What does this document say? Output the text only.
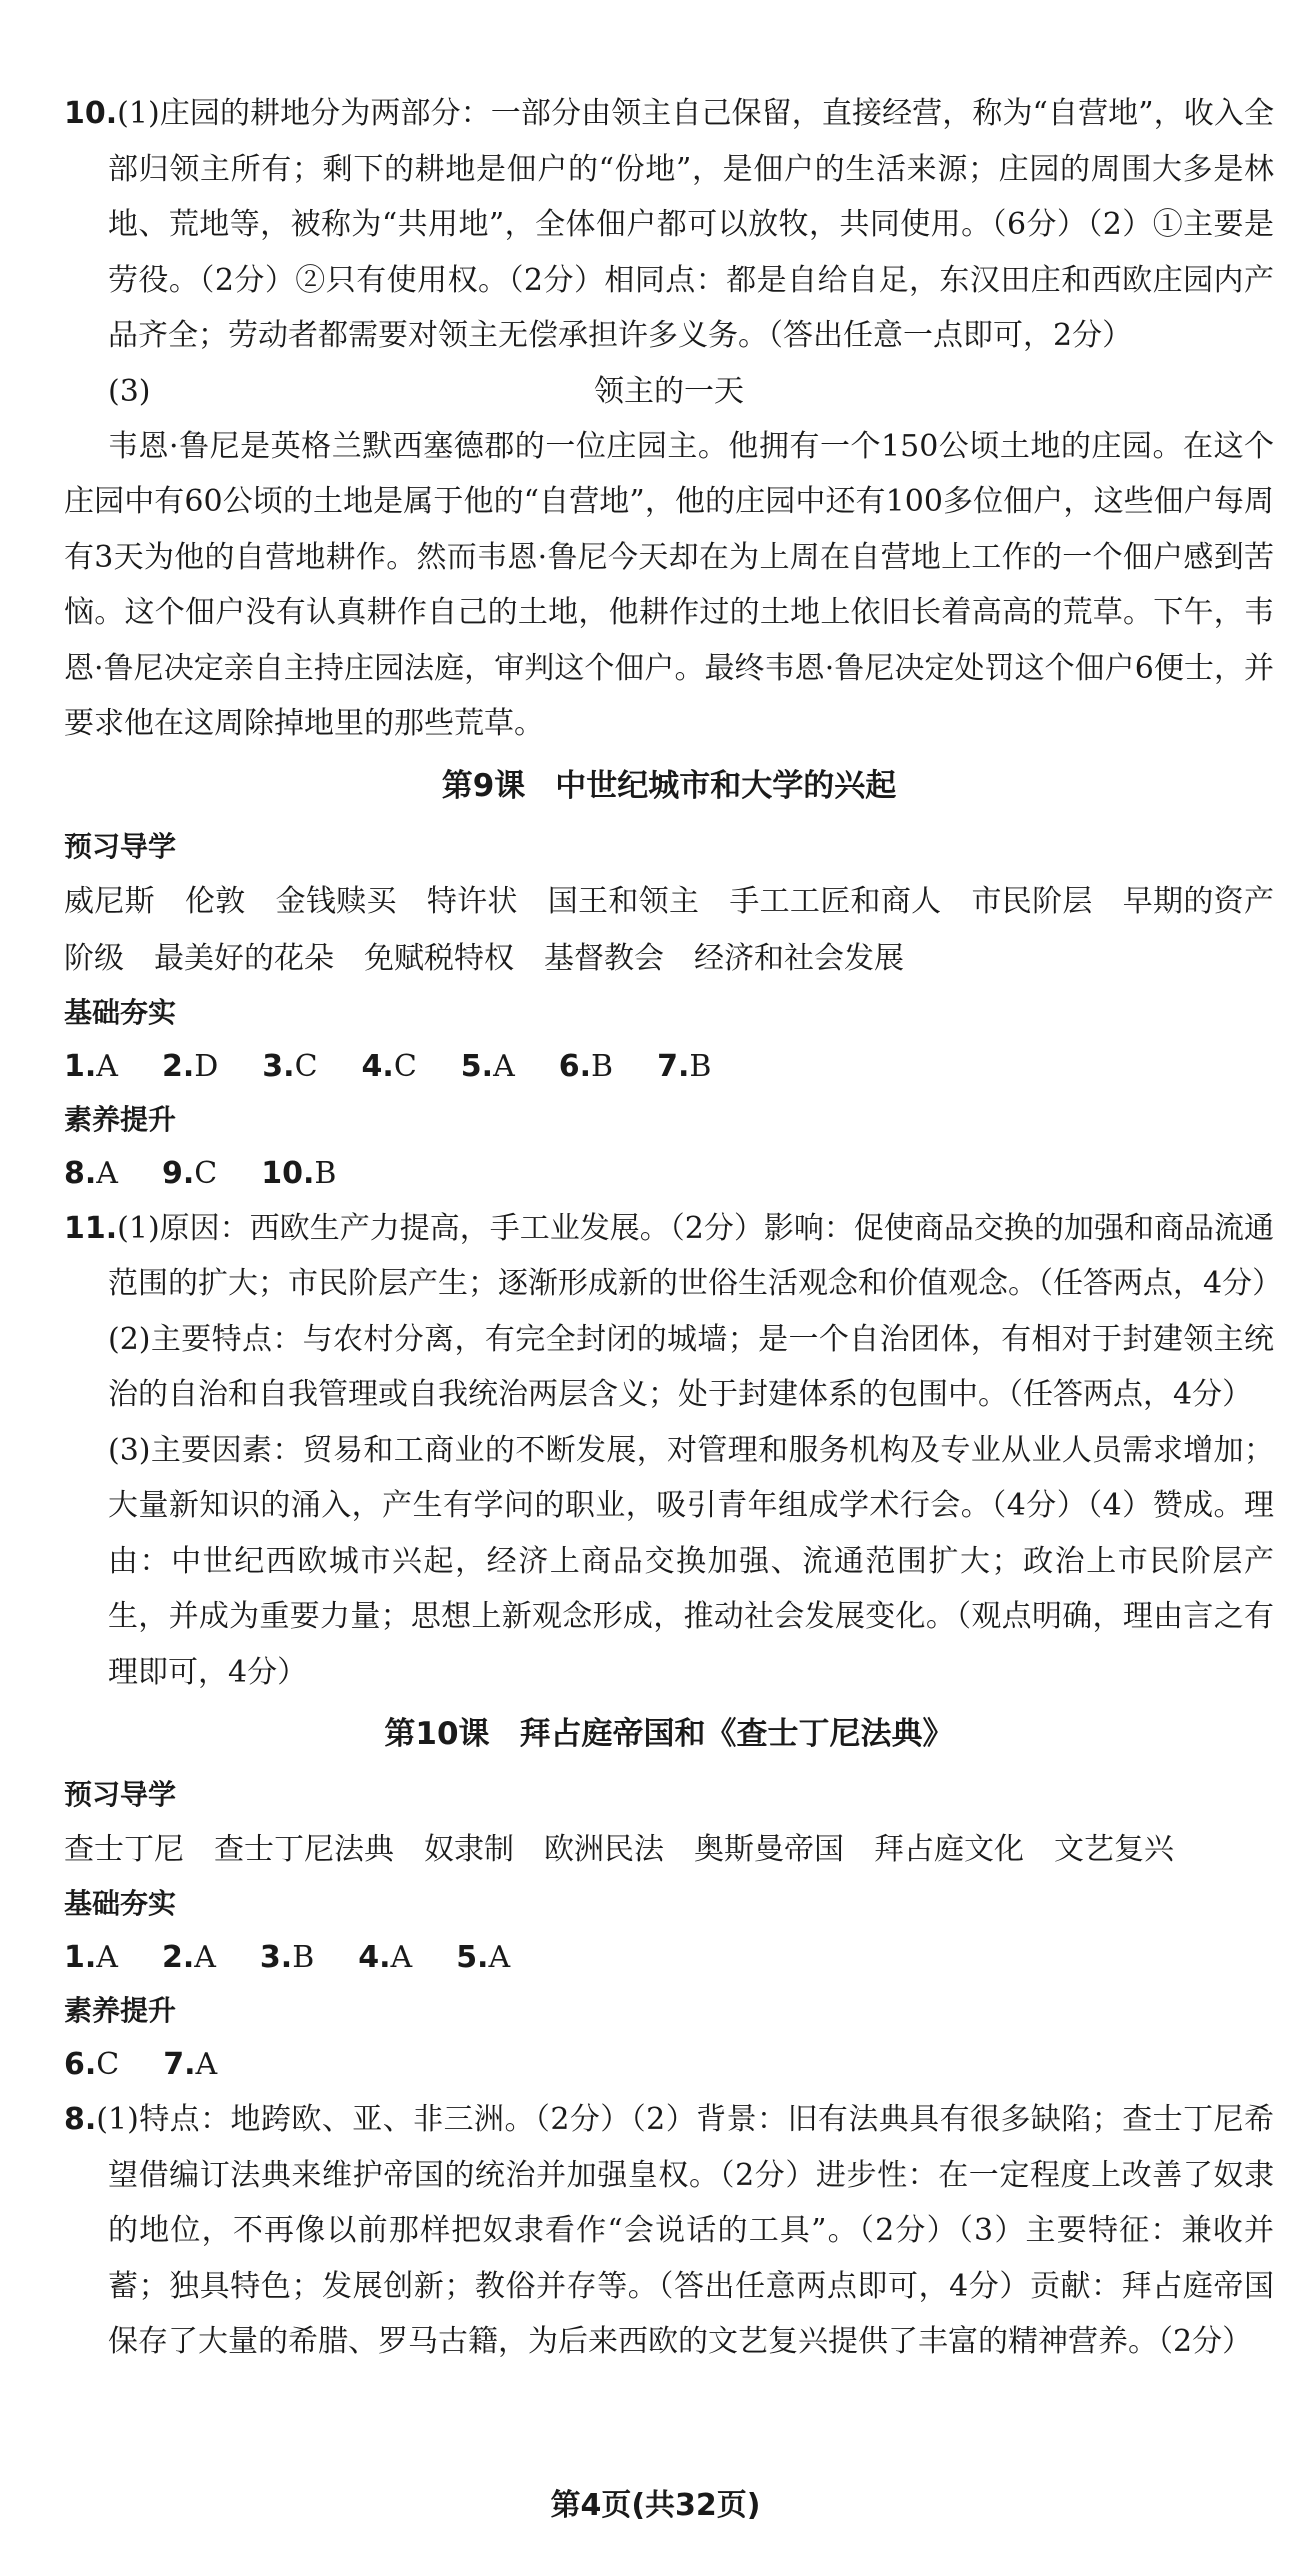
10.(1)庄园的耕地分为两部分：一部分由领主自己保留，直接经营，称为“自营地”，收入全部归领主所有；剩下的耕地是佃户的“份地”，是佃户的生活来源；庄园的周围大多是林地、荒地等，被称为“共用地”，全体佃户都可以放牧，共同使用。（6分）（2）①主要是劳役。（2分）②只有使用权。（2分）相同点：都是自给自足，东汉田庄和西欧庄园内产品齐全；劳动者都需要对领主无偿承担许多义务。（答出任意一点即可，2分）

(3)	领主的一天

韦恩·鲁尼是英格兰默西塞德郡的一位庄园主。他拥有一个150公顷土地的庄园。在这个庄园中有60公顷的土地是属于他的“自营地”，他的庄园中还有100多位佃户，这些佃户每周有3天为他的自营地耕作。然而韦恩·鲁尼今天却在为上周在自营地上工作的一个佃户感到苦恼。这个佃户没有认真耕作自己的土地，他耕作过的土地上依旧长着高高的荒草。下午，韦恩·鲁尼决定亲自主持庄园法庭，审判这个佃户。最终韦恩·鲁尼决定处罚这个佃户6便士，并要求他在这周除掉地里的那些荒草。

第9课 中世纪城市和大学的兴起

预习导学

威尼斯 伦敦 金钱赎买 特许状 国王和领主 手工工匠和商人 市民阶层 早期的资产阶级 最美好的花朵 免赋税特权 基督教会 经济和社会发展

基础夯实

1.A 2.D 3.C 4.C 5.A 6.B 7.B

素养提升

8.A 9.C 10.B

11.(1)原因：西欧生产力提高，手工业发展。（2分）影响：促使商品交换的加强和商品流通范围的扩大；市民阶层产生；逐渐形成新的世俗生活观念和价值观念。（任答两点，4分）

(2)主要特点：与农村分离，有完全封闭的城墙；是一个自治团体，有相对于封建领主统治的自治和自我管理或自我统治两层含义；处于封建体系的包围中。（任答两点，4分）

(3)主要因素：贸易和工商业的不断发展，对管理和服务机构及专业从业人员需求增加；大量新知识的涌入，产生有学问的职业，吸引青年组成学术行会。（4分）（4）赞成。理由：中世纪西欧城市兴起，经济上商品交换加强、流通范围扩大；政治上市民阶层产生，并成为重要力量；思想上新观念形成，推动社会发展变化。（观点明确，理由言之有理即可，4分）

第10课 拜占庭帝国和《查士丁尼法典》

预习导学

查士丁尼 查士丁尼法典 奴隶制 欧洲民法 奥斯曼帝国 拜占庭文化 文艺复兴

基础夯实

1.A 2.A 3.B 4.A 5.A

素养提升

6.C 7.A

8.(1)特点：地跨欧、亚、非三洲。（2分）（2）背景：旧有法典具有很多缺陷；查士丁尼希望借编订法典来维护帝国的统治并加强皇权。（2分）进步性：在一定程度上改善了奴隶的地位，不再像以前那样把奴隶看作“会说话的工具”。（2分）（3）主要特征：兼收并蓄；独具特色；发展创新；教俗并存等。（答出任意两点即可，4分）贡献：拜占庭帝国保存了大量的希腊、罗马古籍，为后来西欧的文艺复兴提供了丰富的精神营养。（2分）

第4页(共32页)
